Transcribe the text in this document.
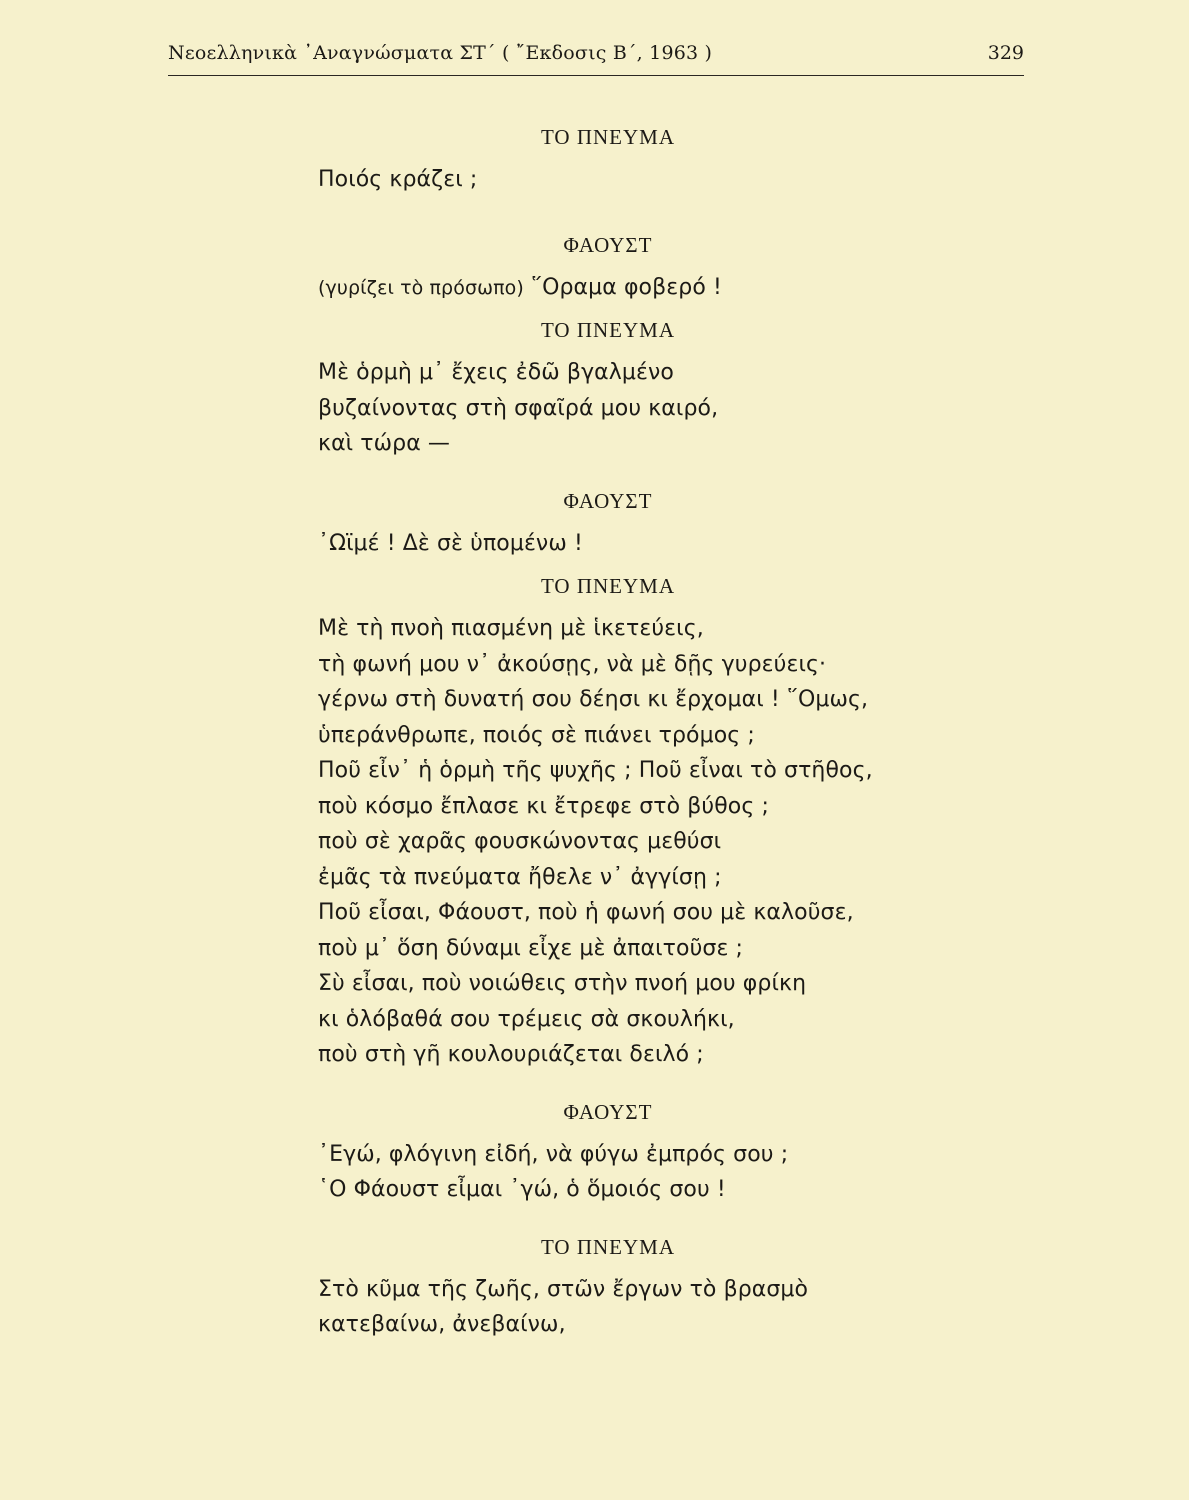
Νεοελληνικὰ ᾿Αναγνώσματα ΣΤ΄ ( ῎Εκδοσις Β΄, 1963 )	329
ΤΟ ΠΝΕΥΜΑ
Ποιός κράζει ;
ΦΑΟΥΣΤ
(γυρίζει τὸ πρόσωπο) ῞Οραμα φοβερό !
ΤΟ ΠΝΕΥΜΑ
Μὲ ὁρμὴ μ᾽ ἔχεις ἐδῶ βγαλμένο
βυζαίνοντας στὴ σφαῖρά μου καιρό,
καὶ τώρα —
ΦΑΟΥΣΤ
᾿Ωϊμέ ! Δὲ σὲ ὑπομένω !
ΤΟ ΠΝΕΥΜΑ
Μὲ τὴ πνοὴ πιασμένη μὲ ἱκετεύεις,
τὴ φωνή μου ν᾽ ἀκούσῃς, νὰ μὲ δῇς γυρεύεις·
γέρνω στὴ δυνατή σου δέησι κι ἔρχομαι ! ῞Ομως,
ὑπεράνθρωπε, ποιός σὲ πιάνει τρόμος ;
Ποῦ εἶν᾽ ἡ ὁρμὴ τῆς ψυχῆς ; Ποῦ εἶναι τὸ στῆθος,
ποὺ κόσμο ἔπλασε κι ἔτρεφε στὸ βύθος ;
ποὺ σὲ χαρᾶς φουσκώνοντας μεθύσι
ἐμᾶς τὰ πνεύματα ἤθελε ν᾽ ἀγγίσῃ ;
Ποῦ εἶσαι, Φάουστ, ποὺ ἡ φωνή σου μὲ καλοῦσε,
ποὺ μ᾽ ὅση δύναμι εἶχε μὲ ἀπαιτοῦσε ;
Σὺ εἶσαι, ποὺ νοιώθεις στὴν πνοή μου φρίκη
κι ὁλόβαθά σου τρέμεις σὰ σκουλήκι,
ποὺ στὴ γῆ κουλουριάζεται δειλό ;
ΦΑΟΥΣΤ
᾿Εγώ, φλόγινη εἰδή, νὰ φύγω ἐμπρός σου ;
῾Ο Φάουστ εἶμαι ᾽γώ, ὁ ὅμοιός σου !
ΤΟ ΠΝΕΥΜΑ
Στὸ κῦμα τῆς ζωῆς, στῶν ἔργων τὸ βρασμὸ
κατεβαίνω, ἀνεβαίνω,
